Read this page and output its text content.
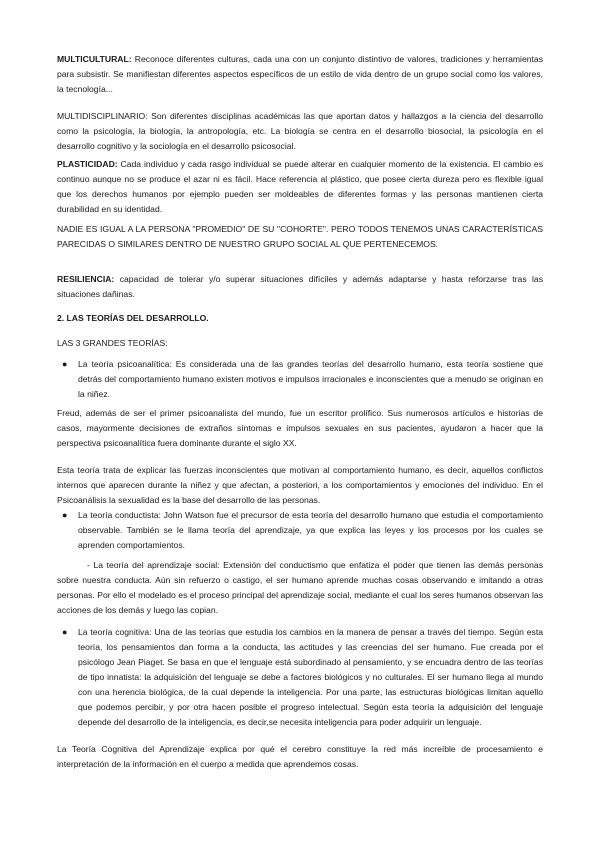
MULTICULTURAL: Reconoce diferentes culturas, cada una con un conjunto distintivo de valores, tradiciones y herramientas para subsistir. Se manifiestan diferentes aspectos específicos de un estilo de vida dentro de un grupo social como los valores, la tecnología...

MULTIDISCIPLINARIO: Son diferentes disciplinas académicas las que aportan datos y hallazgos a la ciencia del desarrollo como la psicología, la biología, la antropología, etc. La biología se centra en el desarrollo biosocial, la psicología en el desarrollo cognitivo y la sociología en el desarrollo psicosocial.

PLASTICIDAD: Cada individuo y cada rasgo individual se puede alterar en cualquier momento de la existencia. El cambio es continuo aunque no se produce el azar ni es fácil. Hace referencia al plástico, que posee cierta dureza pero es flexible igual que los derechos humanos por ejemplo pueden ser moldeables de diferentes formas y las personas mantienen cierta durabilidad en su identidad.

NADIE ES IGUAL A LA PERSONA "PROMEDIO" DE SU "COHORTE". PERO TODOS TENEMOS UNAS CARACTERÍSTICAS PARECIDAS O SIMILARES DENTRO DE NUESTRO GRUPO SOCIAL AL QUE PERTENECEMOS.

RESILIENCIA: capacidad de tolerar y/o superar situaciones difíciles y además adaptarse y hasta reforzarse tras las situaciones dañinas.

2. LAS TEORÍAS DEL DESARROLLO.

LAS 3 GRANDES TEORÍAS:

● La teoría psicoanalítica: Es considerada una de las grandes teorías del desarrollo humano, esta teoría sostiene que detrás del comportamiento humano existen motivos e impulsos irracionales e inconscientes que a menudo se originan en la niñez.

Freud, además de ser el primer psicoanalista del mundo, fue un escritor prolífico. Sus numerosos artículos e historias de casos, mayormente decisiones de extraños síntomas e impulsos sexuales en sus pacientes, ayudaron a hacer que la perspectiva psicoanalítica fuera dominante durante el siglo XX.

Esta teoría trata de explicar las fuerzas inconscientes que motivan al comportamiento humano, es decir, aquellos conflictos internos que aparecen durante la niñez y que afectan, a posteriori, a los comportamientos y emociones del individuo. En el Psicoanálisis la sexualidad es la base del desarrollo de las personas.

● La teoría conductista: John Watson fue el precursor de esta teoría del desarrollo humano que estudia el comportamiento observable. También se le llama teoría del aprendizaje, ya que explica las leyes y los procesos por los cuales se aprenden comportamientos.

- La teoría del aprendizaje social: Extensión del conductismo que enfatiza el poder que tienen las demás personas sobre nuestra conducta. Aún sin refuerzo o castigo, el ser humano aprende muchas cosas observando e imitando a otras personas. Por ello el modelado es el proceso principal del aprendizaje social, mediante el cual los seres humanos observan las acciones de los demás y luego las copian.

● La teoría cognitiva: Una de las teorías que estudia los cambios en la manera de pensar a través del tiempo. Según esta teoría, los pensamientos dan forma a la conducta, las actitudes y las creencias del ser humano. Fue creada por el psicólogo Jean Piaget. Se basa en que el lenguaje está subordinado al pensamiento, y se encuadra dentro de las teorías de tipo innatista: la adquisición del lenguaje se debe a factores biológicos y no culturales. El ser humano llega al mundo con una herencia biológica, de la cual depende la inteligencia. Por una parte, las estructuras biológicas limitan aquello que podemos percibir, y por otra hacen posible el progreso intelectual. Según esta teoría la adquisición del lenguaje depende del desarrollo de la inteligencia, es decir,se necesita inteligencia para poder adquirir un lenguaje.

La Teoría Cognitiva del Aprendizaje explica por qué el cerebro constituye la red más increíble de procesamiento e interpretación de la información en el cuerpo a medida que aprendemos cosas.
